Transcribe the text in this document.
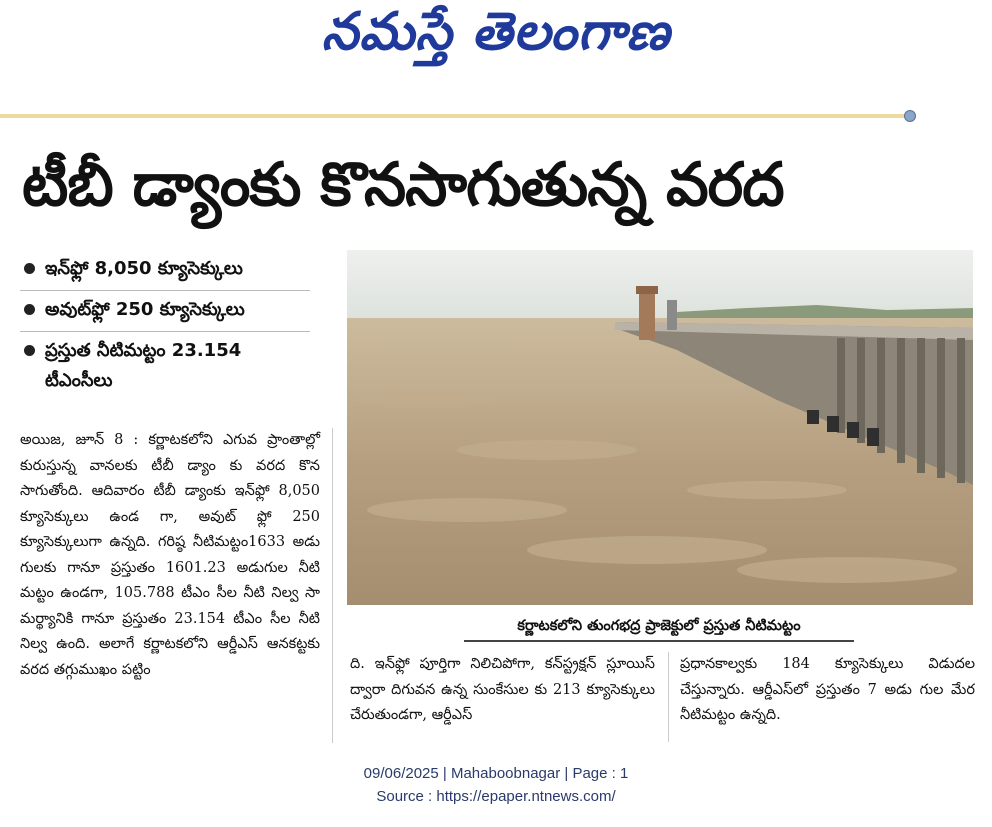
నమస్తే తెలంగాణ
టీబీ డ్యాంకు కొనసాగుతున్న వరద
ఇన్‌ఫ్లో 8,050 క్యూసెక్కులు
అవుట్‌ఫ్లో 250 క్యూసెక్కులు
ప్రస్తుత నీటిమట్టం 23.154 టీఎంసీలు
అయిజ, జూన్ 8 : కర్ణాటకలోని ఎగువ ప్రాంతాల్లో కురుస్తున్న వానలకు టీబీ డ్యాం కు వరద కొన సాగుతోంది. ఆదివారం టీబీ డ్యాంకు ఇన్‌ఫ్లో 8,050 క్యూసెక్కులు ఉండ గా, అవుట్ ఫ్లో 250 క్యూసెక్కులుగా ఉన్నది. గరిష్ఠ నీటిమట్టం1633 అడు గులకు గానూ ప్రస్తుతం 1601.23 అడుగుల నీటి మట్టం ఉండగా, 105.788 టీఎం సీల నీటి నిల్వ సా మర్థ్యానికి గానూ ప్రస్తుతం 23.154 టీఎం సీల నీటి నిల్వ ఉంది. అలాగే కర్ణాటకలోని ఆర్డీఎస్ ఆనకట్టకు వరద తగ్గుముఖం పట్టిం
కర్ణాటకలోని తుంగభద్ర ప్రాజెక్టులో ప్రస్తుత నీటిమట్టం
ది. ఇన్‌ఫ్లో పూర్తిగా నిలిచిపోగా, కన్‌స్ట్రక్షన్ స్లూయిస్ ద్వారా దిగువన ఉన్న సుంకేసుల కు 213 క్యూసెక్కులు చేరుతుండగా, ఆర్డీఎస్
ప్రధానకాల్వకు 184 క్యూసెక్కులు విడుదల చేస్తున్నారు. ఆర్డీఎస్‌లో ప్రస్తుతం 7 అడు గుల మేర నీటిమట్టం ఉన్నది.
09/06/2025 | Mahaboobnagar | Page : 1
Source : https://epaper.ntnews.com/
